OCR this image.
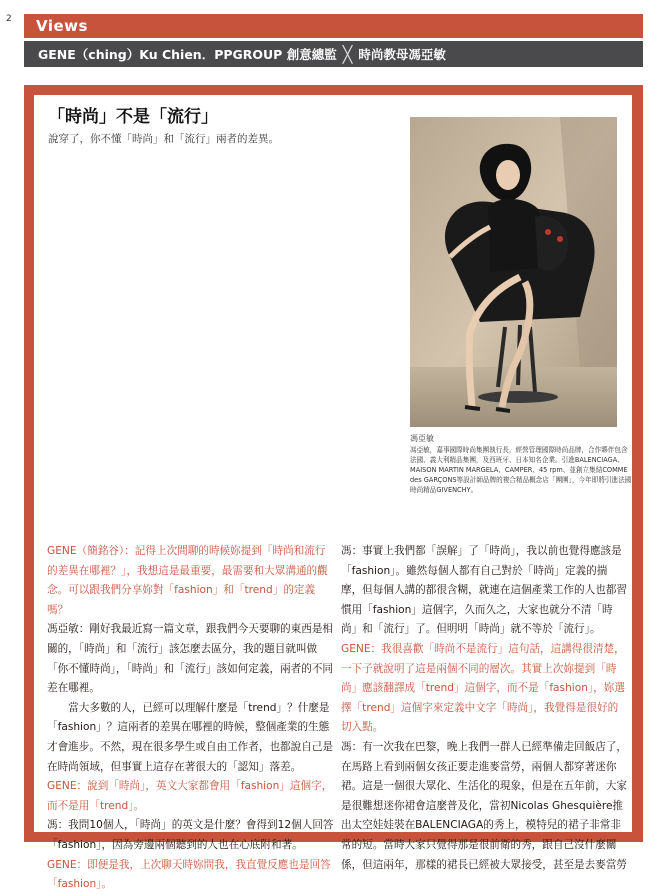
2 Views
GENE（ching）Ku Chien．PPGROUP 創意總監 ╳ 時尚教母馮亞敏
「時尚」不是「流行」
說穿了，你不懂「時尚」和「流行」兩者的差異。
馮亞敏
馮亞敏，嘉事國際時尚集團執行長，經營管理國際時尚品牌，合作夥伴包含法國、義大利精品集團，及西班牙、日本知名企業。引進BALENCIAGA、MAISON MARTIN MARGELA、CAMPER、45 rpm、並創立集結COMME des GARÇONS等設計師品牌的複合精品概念店「團團」，今年即將引進法國時尚精品GIVENCHY。

GENE（簡銘谷）：記得上次間聊的時候妳提到「時尚和流行的差異在哪裡？」，我想這是最重要，最需要和大眾溝通的觀念。可以跟我們分享妳對「fashion」和「trend」的定義嗎？

馮亞敏：剛好我最近寫一篇文章，跟我們今天要聊的東西是相關的，「時尚」和「流行」該怎麼去區分，我的題目就叫做「你不懂時尚」，「時尚」和「流行」該如何定義，兩者的不同差在哪裡。

當大多數的人，已經可以理解什麼是「trend」？什麼是「fashion」？這兩者的差異在哪裡的時候，整個產業的生態才會進步。不然，現在很多學生或自由工作者，也都說自己是在時尚領域，但事實上這存在著很大的「認知」落差。

GENE：說到「時尚」，英文大家都會用「fashion」這個字，而不是用「trend」。

馮：我問10個人，「時尚」的英文是什麼？會得到12個人回答「fashion」，因為旁邊兩個聽到的人也在心底附和著。

GENE：即便是我，上次聊天時妳問我，我直覺反應也是回答「fashion」。

馮：事實上我們都「誤解」了「時尚」，我以前也覺得應該是「fashion」。雖然每個人都有自己對於「時尚」定義的揣摩，但每個人講的都很含糊，就連在這個產業工作的人也都習慣用「fashion」這個字，久而久之，大家也就分不清「時尚」和「流行」了。但明明「時尚」就不等於「流行」。

GENE：我很喜歡「時尚不是流行」這句話，這講得很清楚，一下子就說明了這是兩個不同的層次。其實上次妳提到「時尚」應該翻譯成「trend」這個字，而不是「fashion」，妳選擇「trend」這個字來定義中文字「時尚」，我覺得是很好的切入點。

馮：有一次我在巴黎，晚上我們一群人已經準備走回飯店了，在馬路上看到兩個女孩正要走進麥當勞，兩個人都穿著迷你裙。這是一個很大眾化、生活化的現象，但是在五年前，大家是很難想迷你裙會這麼普及化，當初Nicolas Ghesquière推出太空娃娃裝在BALENCIAGA的秀上，模特兒的裙子非常非常的短。當時大家只覺得那是很前衛的秀，跟自己沒什麼關係，但這兩年，那樣的裙長已經被大眾接受，甚至是去麥當勞
